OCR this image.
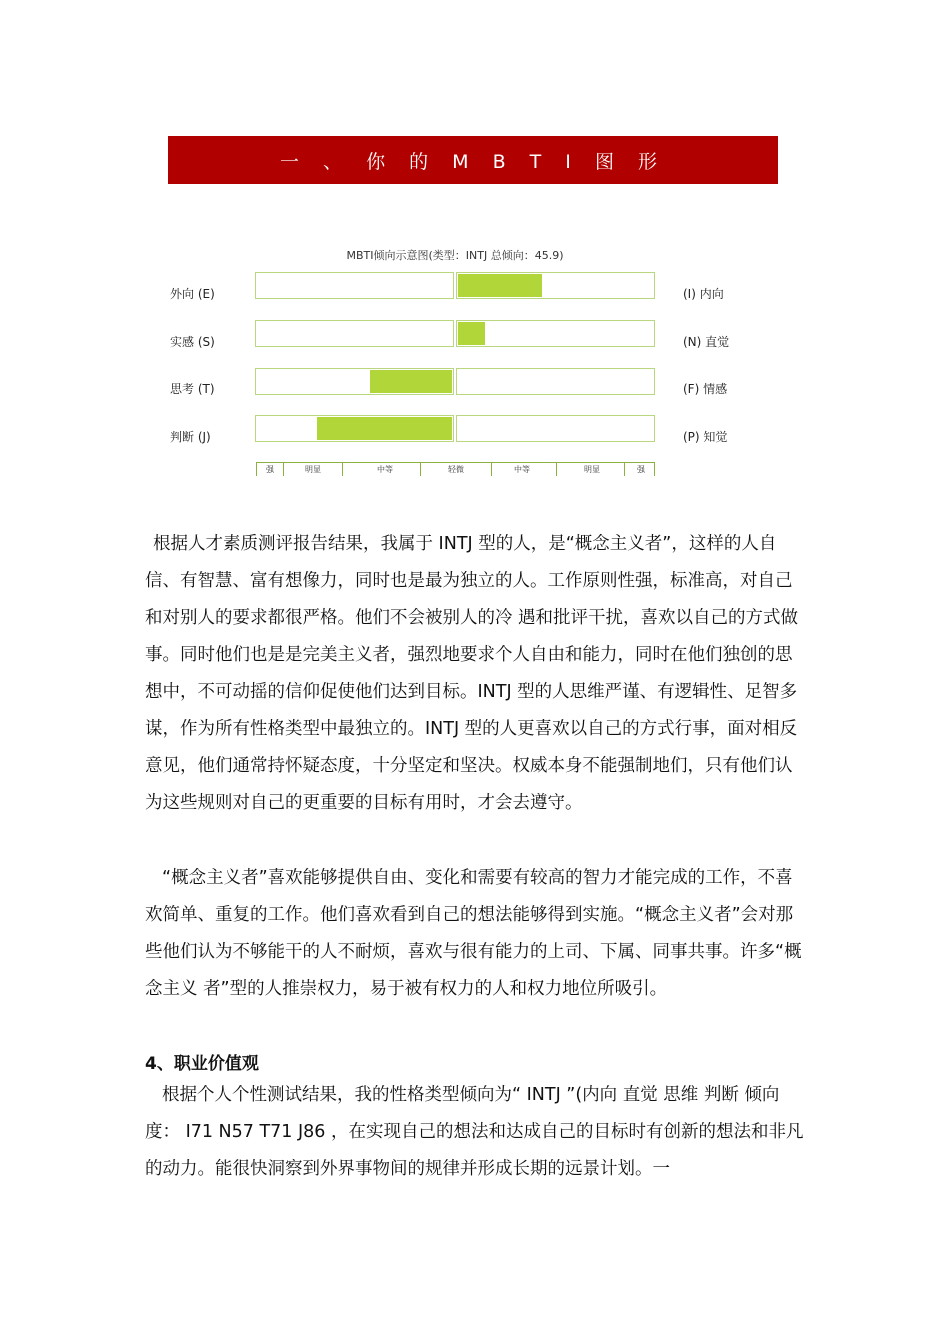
一 、 你 的 M B T I 图 形
MBTI倾向示意图(类型：INTJ 总倾向：45.9)
外向 (E)	(I) 内向
实感 (S)	(N) 直觉
思考 (T)	(F) 情感
判断 (J)	(P) 知觉
强	明显	中等	轻微	中等	明显	强
根据人才素质测评报告结果，我属于 INTJ 型的人，是“概念主义者”，这样的人自信、有智慧、富有想像力，同时也是最为独立的人。工作原则性强，标准高，对自己和对别人的要求都很严格。他们不会被别人的冷 遇和批评干扰，喜欢以自己的方式做事。同时他们也是是完美主义者，强烈地要求个人自由和能力，同时在他们独创的思想中，不可动摇的信仰促使他们达到目标。INTJ 型的人思维严谨、有逻辑性、足智多谋，作为所有性格类型中最独立的。INTJ 型的人更喜欢以自己的方式行事，面对相反意见，他们通常持怀疑态度，十分坚定和坚决。权威本身不能强制地们，只有他们认为这些规则对自己的更重要的目标有用时，才会去遵守。
“概念主义者”喜欢能够提供自由、变化和需要有较高的智力才能完成的工作，不喜欢简单、重复的工作。他们喜欢看到自己的想法能够得到实施。“概念主义者”会对那些他们认为不够能干的人不耐烦，喜欢与很有能力的上司、下属、同事共事。许多“概念主义 者”型的人推崇权力，易于被有权力的人和权力地位所吸引。
4、职业价值观
根据个人个性测试结果，我的性格类型倾向为“ INTJ ”(内向 直觉 思维 判断 倾向度： I71 N57 T71 J86 ，在实现自己的想法和达成自己的目标时有创新的想法和非凡的动力。能很快洞察到外界事物间的规律并形成长期的远景计划。一
